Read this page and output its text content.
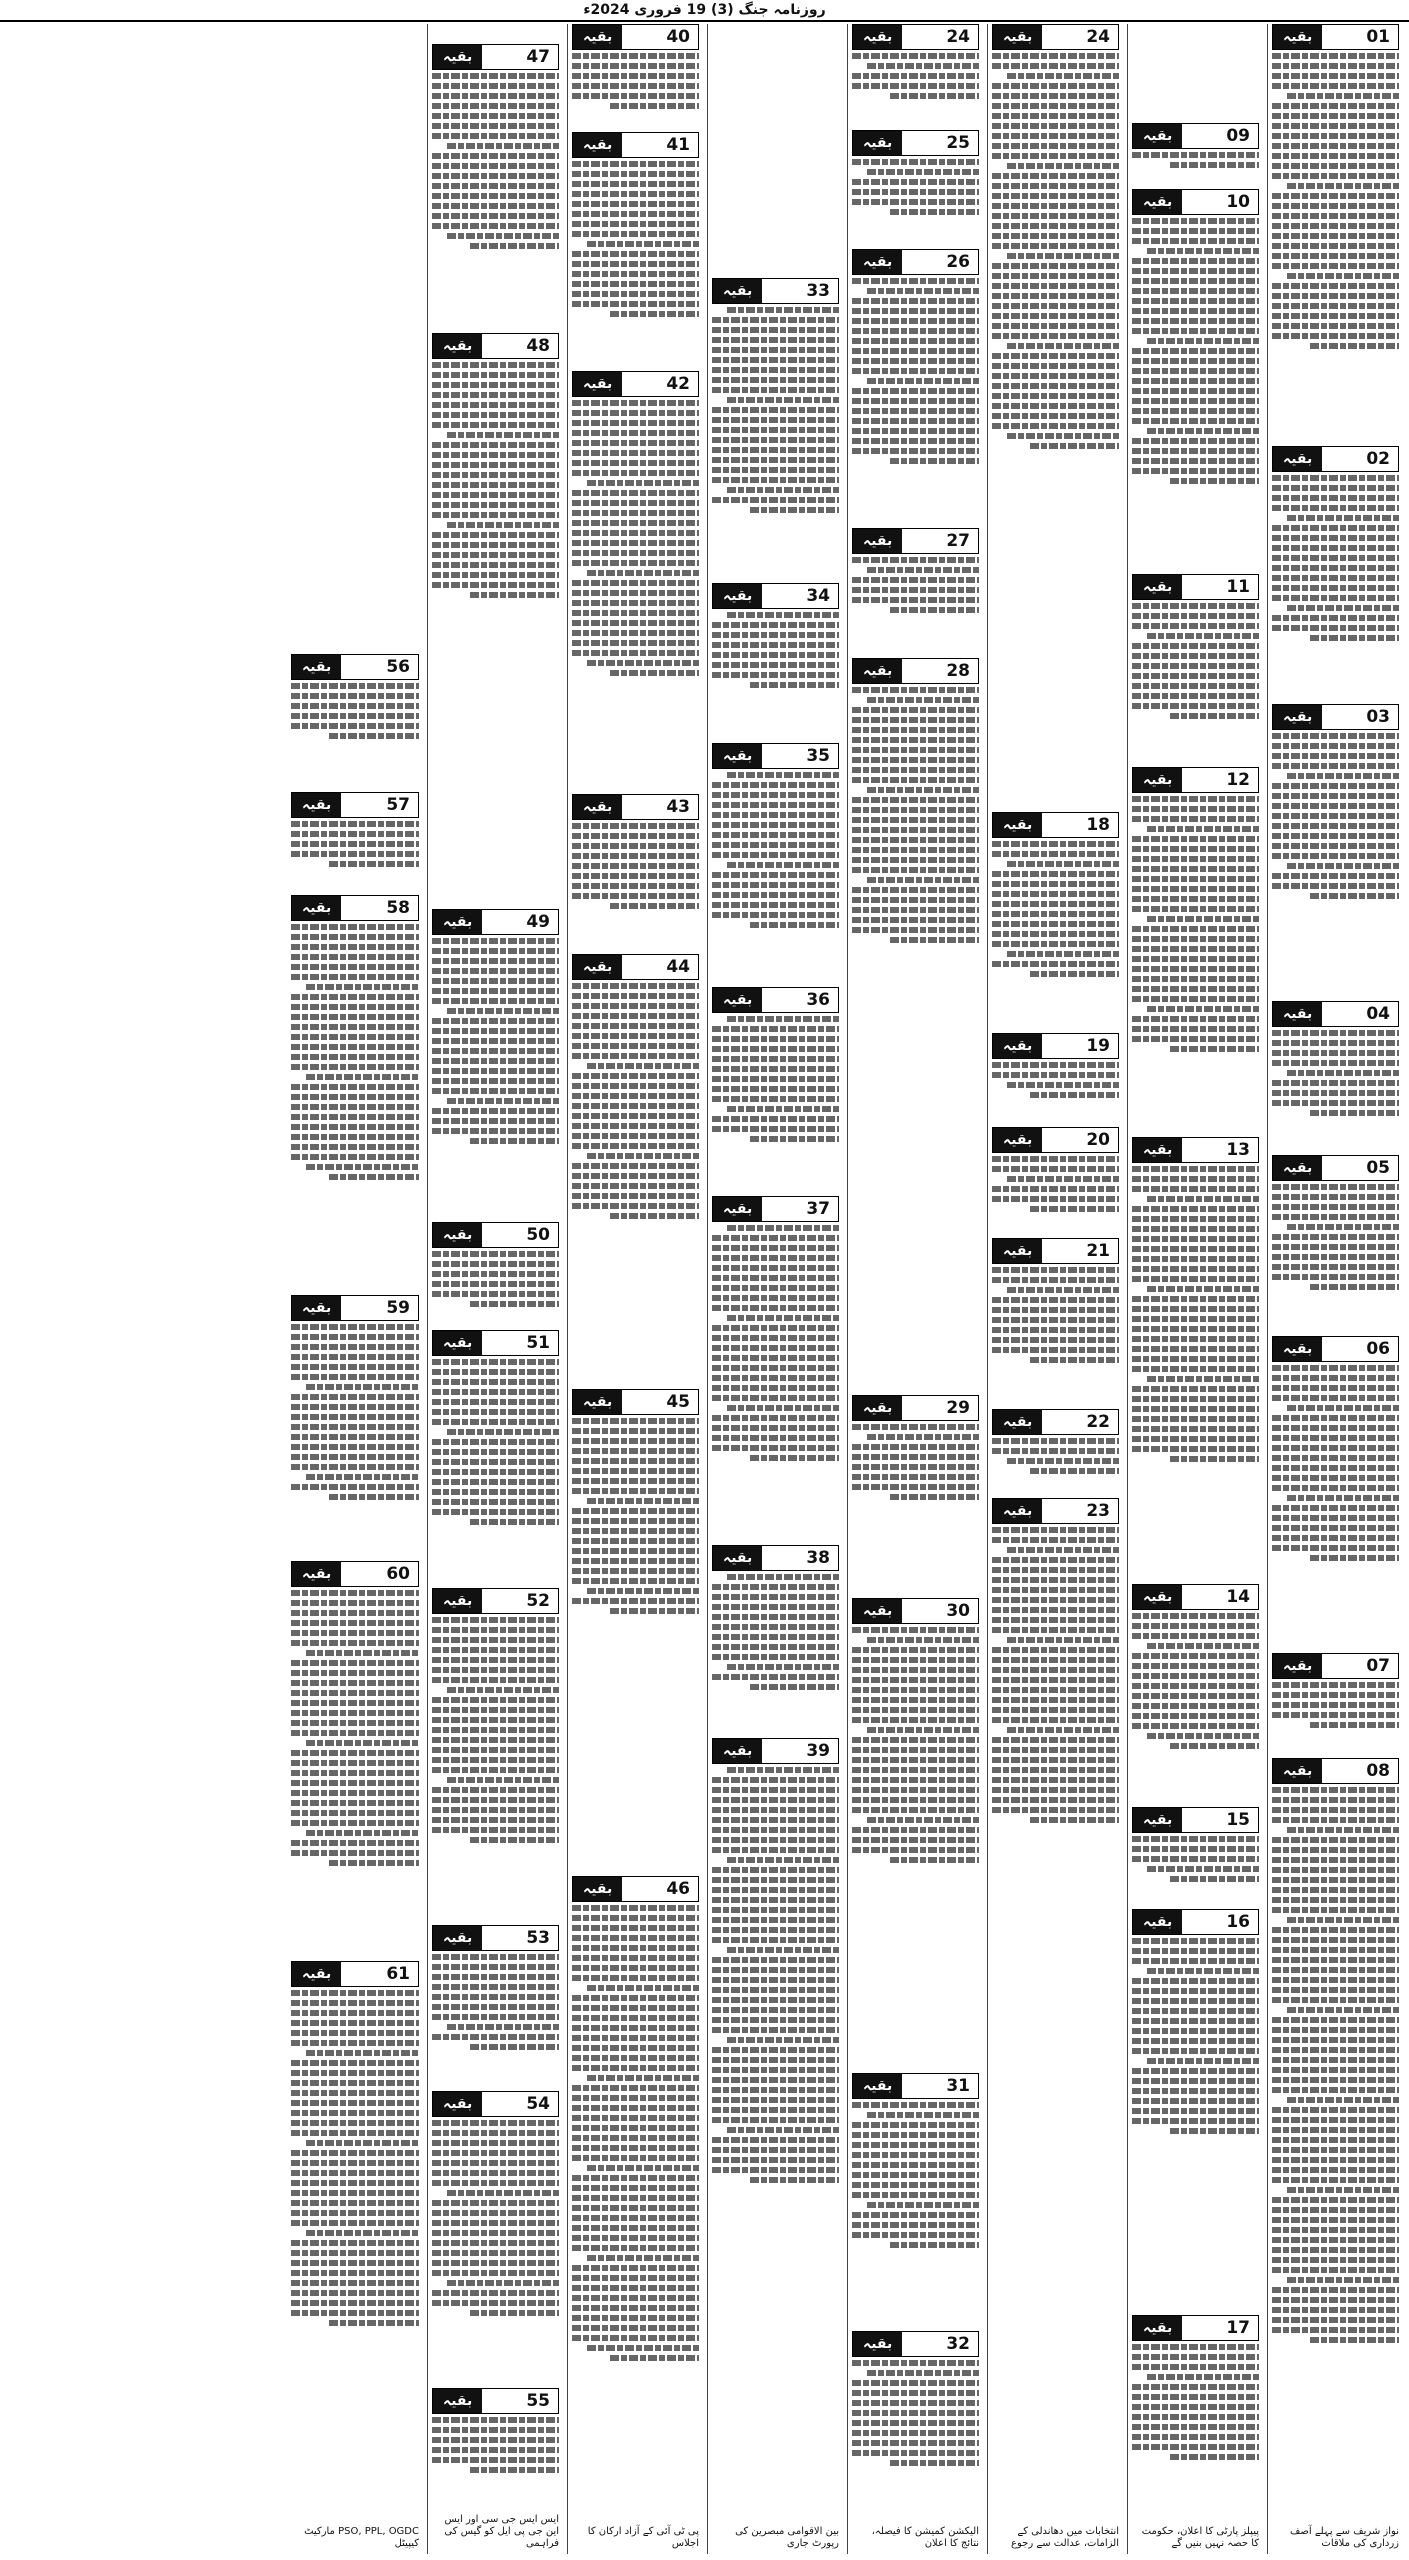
روزنامہ جنگ (3) 19 فروری 2024ء
نواز شریف سے پہلے آصف زرداری کی ملاقات
بقیہ	01
بقیہ	02
بقیہ	03
بقیہ	04
بقیہ	05
بقیہ	06
بقیہ	07
بقیہ	08
پیپلز پارٹی کا اعلان، حکومت کا حصہ نہیں بنیں گے
بقیہ	09
بقیہ	10
بقیہ	11
بقیہ	12
بقیہ	13
بقیہ	14
بقیہ	15
بقیہ	16
بقیہ	17
انتخابات میں دھاندلی کے الزامات، عدالت سے رجوع
بقیہ	24
بقیہ	18
بقیہ	19
بقیہ	20
بقیہ	21
بقیہ	22
بقیہ	23
الیکشن کمیشن کا فیصلہ، نتائج کا اعلان
بقیہ	24
بقیہ	25
بقیہ	26
بقیہ	27
بقیہ	28
بقیہ	29
بقیہ	30
بقیہ	31
بقیہ	32
بین الاقوامی مبصرین کی رپورٹ جاری
بقیہ	33
بقیہ	34
بقیہ	35
بقیہ	36
بقیہ	37
بقیہ	38
بقیہ	39
پی ٹی آئی کے آزاد ارکان کا اجلاس
بقیہ	40
بقیہ	41
بقیہ	42
بقیہ	43
بقیہ	44
بقیہ	45
بقیہ	46
ایس ایس جی سی اور ایس این جی پی ایل کو گیس کی فراہمی
بقیہ	47
بقیہ	48
بقیہ	49
بقیہ	50
بقیہ	51
بقیہ	52
بقیہ	53
بقیہ	54
بقیہ	55
PSO, PPL, OGDC مارکیٹ کیپیٹل
بقیہ	56
بقیہ	57
بقیہ	58
بقیہ	59
بقیہ	60
بقیہ	61
